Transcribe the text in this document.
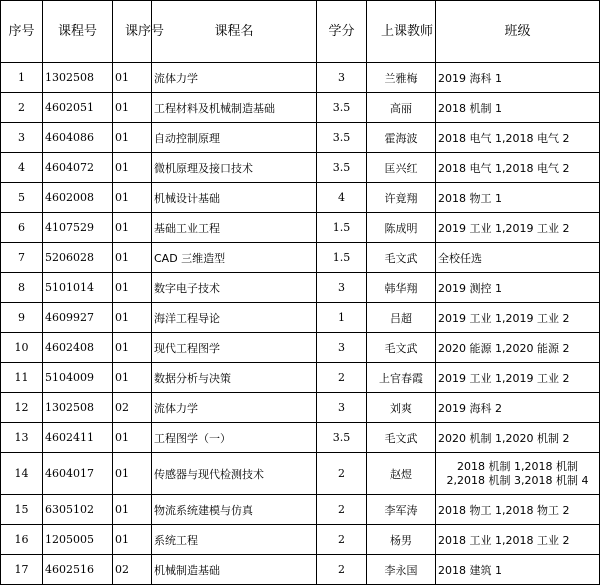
序号	课程号	课序号	课程名	学分	上课教师	班级
1	1302508	01	流体力学	3	兰雅梅	2019 海科 1
2	4602051	01	工程材料及机械制造基础	3.5	高丽	2018 机制 1
3	4604086	01	自动控制原理	3.5	霍海波	2018 电气 1,2018 电气 2
4	4604072	01	微机原理及接口技术	3.5	匡兴红	2018 电气 1,2018 电气 2
5	4602008	01	机械设计基础	4	许竟翔	2018 物工 1
6	4107529	01	基础工业工程	1.5	陈成明	2019 工业 1,2019 工业 2
7	5206028	01	CAD 三维造型	1.5	毛文武	全校任选
8	5101014	01	数字电子技术	3	韩华翔	2019 测控 1
9	4609927	01	海洋工程导论	1	吕超	2019 工业 1,2019 工业 2
10	4602408	01	现代工程图学	3	毛文武	2020 能源 1,2020 能源 2
11	5104009	01	数据分析与决策	2	上官春霞	2019 工业 1,2019 工业 2
12	1302508	02	流体力学	3	刘爽	2019 海科 2
13	4602411	01	工程图学（一）	3.5	毛文武	2020 机制 1,2020 机制 2
14	4604017	01	传感器与现代检测技术	2	赵煜	2018 机制 1,2018 机制 2,2018 机制 3,2018 机制 4
15	6305102	01	物流系统建模与仿真	2	李军涛	2018 物工 1,2018 物工 2
16	1205005	01	系统工程	2	杨男	2018 工业 1,2018 工业 2
17	4602516	02	机械制造基础	2	李永国	2018 建筑 1
